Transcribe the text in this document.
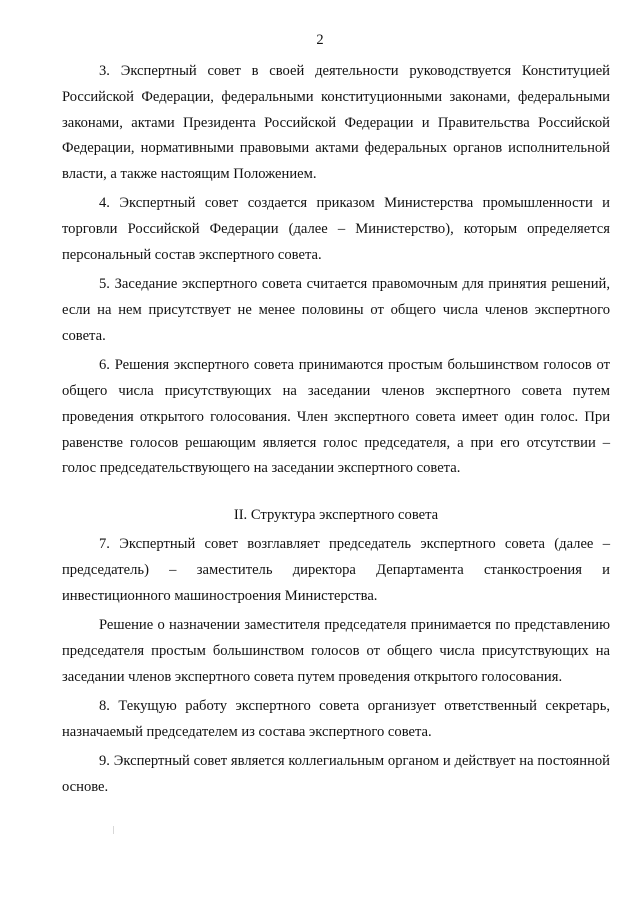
2

3. Экспертный совет в своей деятельности руководствуется Конституцией Российской Федерации, федеральными конституционными законами, федеральными законами, актами Президента Российской Федерации и Правительства Российской Федерации, нормативными правовыми актами федеральных органов исполнительной власти, а также настоящим Положением.

4. Экспертный совет создается приказом Министерства промышленности и торговли Российской Федерации (далее – Министерство), которым определяется персональный состав экспертного совета.

5. Заседание экспертного совета считается правомочным для принятия решений, если на нем присутствует не менее половины от общего числа членов экспертного совета.

6. Решения экспертного совета принимаются простым большинством голосов от общего числа присутствующих на заседании членов экспертного совета путем проведения открытого голосования. Член экспертного совета имеет один голос. При равенстве голосов решающим является голос председателя, а при его отсутствии – голос председательствующего на заседании экспертного совета.

II. Структура экспертного совета

7. Экспертный совет возглавляет председатель экспертного совета (далее – председатель) – заместитель директора Департамента станкостроения и инвестиционного машиностроения Министерства.

Решение о назначении заместителя председателя принимается по представлению председателя простым большинством голосов от общего числа присутствующих на заседании членов экспертного совета путем проведения открытого голосования.

8. Текущую работу экспертного совета организует ответственный секретарь, назначаемый председателем из состава экспертного совета.

9. Экспертный совет является коллегиальным органом и действует на постоянной основе.
